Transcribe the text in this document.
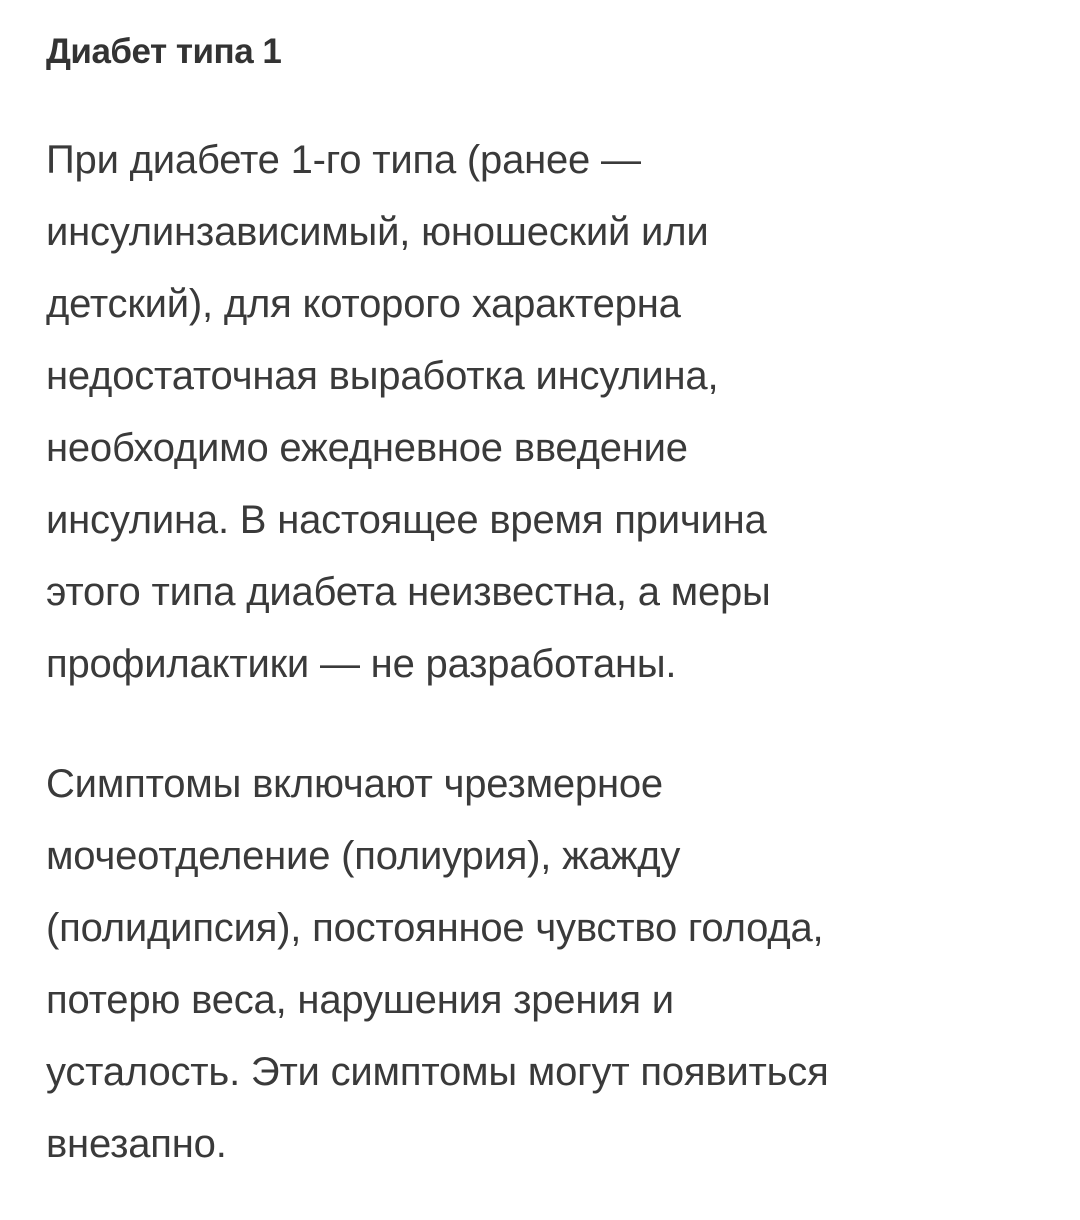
Диабет типа 1

При диабете 1-го типа (ранее —
инсулинзависимый, юношеский или
детский), для которого характерна
недостаточная выработка инсулина,
необходимо ежедневное введение
инсулина. В настоящее время причина
этого типа диабета неизвестна, а меры
профилактики — не разработаны.

Симптомы включают чрезмерное
мочеотделение (полиурия), жажду
(полидипсия), постоянное чувство голода,
потерю веса, нарушения зрения и
усталость. Эти симптомы могут появиться
внезапно.
